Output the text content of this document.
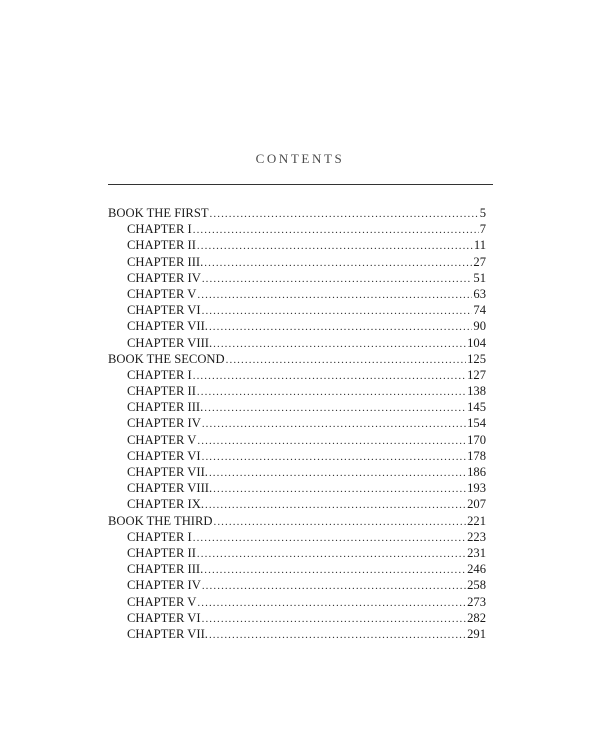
CONTENTS
BOOK THE FIRST .....	5
CHAPTER I .....	7
CHAPTER II .....	11
CHAPTER III. .....	27
CHAPTER IV .....	51
CHAPTER V .....	63
CHAPTER VI .....	74
CHAPTER VII. .....	90
CHAPTER VIII. .....	104
BOOK THE SECOND .....	125
CHAPTER I .....	127
CHAPTER II .....	138
CHAPTER III. .....	145
CHAPTER IV .....	154
CHAPTER V .....	170
CHAPTER VI .....	178
CHAPTER VII. .....	186
CHAPTER VIII. .....	193
CHAPTER IX. .....	207
BOOK THE THIRD .....	221
CHAPTER I .....	223
CHAPTER II .....	231
CHAPTER III. .....	246
CHAPTER IV .....	258
CHAPTER V .....	273
CHAPTER VI .....	282
CHAPTER VII. .....	291
